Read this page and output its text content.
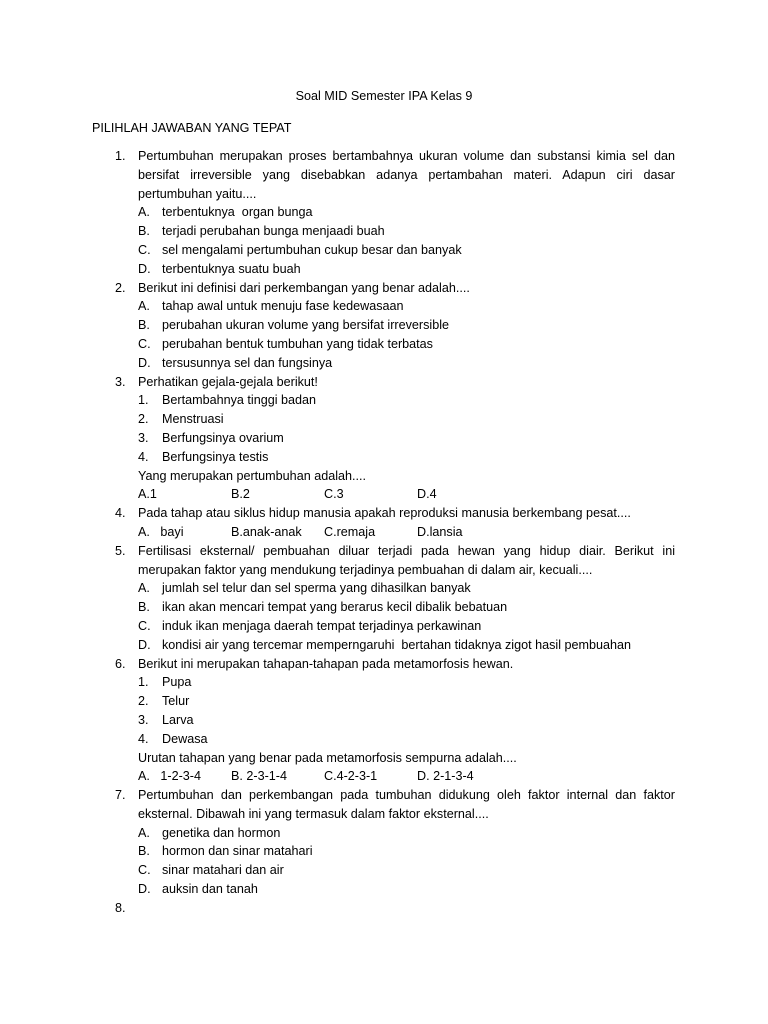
Soal MID Semester IPA Kelas 9
PILIHLAH JAWABAN YANG TEPAT
1. Pertumbuhan merupakan proses bertambahnya ukuran volume dan substansi kimia sel dan bersifat irreversible yang disebabkan adanya pertambahan materi. Adapun ciri dasar pertumbuhan yaitu....
A. terbentuknya  organ bunga
B. terjadi perubahan bunga menjaadi buah
C. sel mengalami pertumbuhan cukup besar dan banyak
D. terbentuknya suatu buah
2. Berikut ini definisi dari perkembangan yang benar adalah....
A. tahap awal untuk menuju fase kedewasaan
B. perubahan ukuran volume yang bersifat irreversible
C. perubahan bentuk tumbuhan yang tidak terbatas
D. tersusunnya sel dan fungsinya
3. Perhatikan gejala-gejala berikut!
1.	Bertambahnya tinggi badan
2.	Menstruasi
3.	Berfungsinya ovarium
4.	Berfungsinya testis
Yang merupakan pertumbuhan adalah....
A.1	B.2	C.3	D.4
4. Pada tahap atau siklus hidup manusia apakah reproduksi manusia berkembang pesat....
A.   bayi	B.anak-anak	C.remaja	D.lansia
5. Fertilisasi eksternal/ pembuahan diluar terjadi pada hewan yang hidup diair. Berikut ini merupakan faktor yang mendukung terjadinya pembuahan di dalam air, kecuali....
A. jumlah sel telur dan sel sperma yang dihasilkan banyak
B. ikan akan mencari tempat yang berarus kecil dibalik bebatuan
C. induk ikan menjaga daerah tempat terjadinya perkawinan
D. kondisi air yang tercemar memperngaruhi  bertahan tidaknya zigot hasil pembuahan
6. Berikut ini merupakan tahapan-tahapan pada metamorfosis hewan.
1.	Pupa
2.	Telur
3.	Larva
4.	Dewasa
Urutan tahapan yang benar pada metamorfosis sempurna adalah....
A.   1-2-3-4	B. 2-3-1-4	C.4-2-3-1	D. 2-1-3-4
7. Pertumbuhan dan perkembangan pada tumbuhan didukung oleh faktor internal dan faktor eksternal. Dibawah ini yang termasuk dalam faktor eksternal....
A. genetika dan hormon
B. hormon dan sinar matahari
C. sinar matahari dan air
D. auksin dan tanah
8.
